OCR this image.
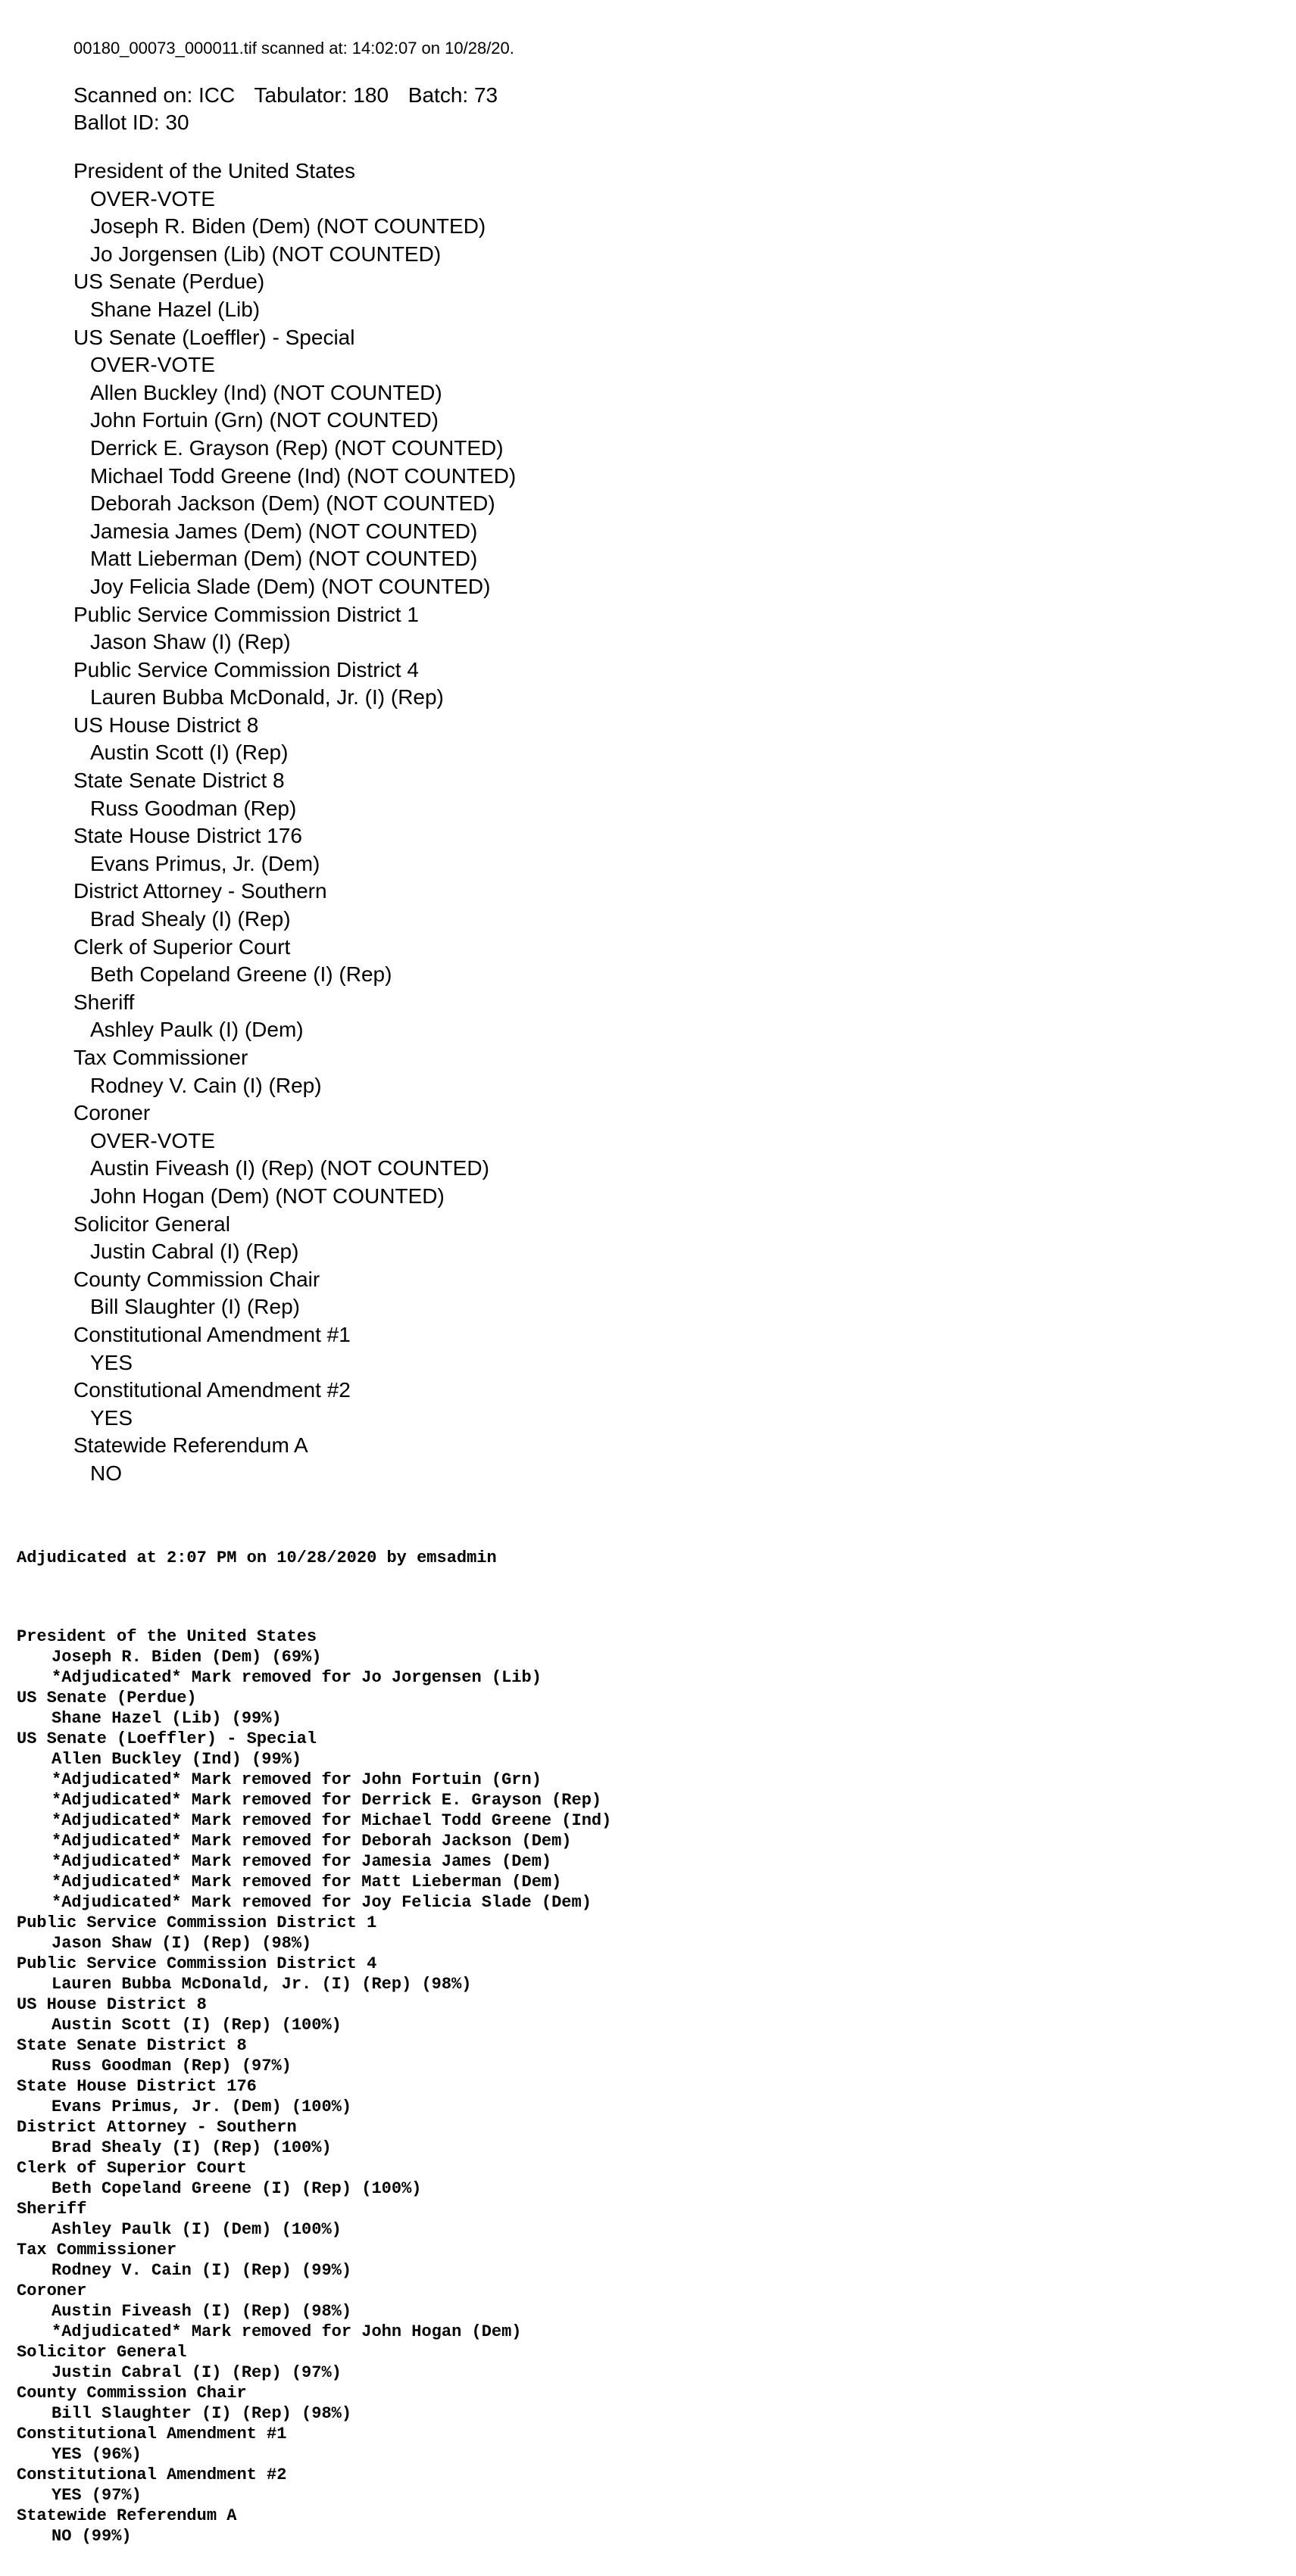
00180_00073_000011.tif scanned at: 14:02:07 on 10/28/20.
Scanned on: ICC Tabulator: 180 Batch: 73
Ballot ID: 30
President of the United States
OVER-VOTE
Joseph R. Biden (Dem) (NOT COUNTED)
Jo Jorgensen (Lib) (NOT COUNTED)
US Senate (Perdue)
Shane Hazel (Lib)
US Senate (Loeffler) - Special
OVER-VOTE
Allen Buckley (Ind) (NOT COUNTED)
John Fortuin (Grn) (NOT COUNTED)
Derrick E. Grayson (Rep) (NOT COUNTED)
Michael Todd Greene (Ind) (NOT COUNTED)
Deborah Jackson (Dem) (NOT COUNTED)
Jamesia James (Dem) (NOT COUNTED)
Matt Lieberman (Dem) (NOT COUNTED)
Joy Felicia Slade (Dem) (NOT COUNTED)
Public Service Commission District 1
Jason Shaw (I) (Rep)
Public Service Commission District 4
Lauren Bubba McDonald, Jr. (I) (Rep)
US House District 8
Austin Scott (I) (Rep)
State Senate District 8
Russ Goodman (Rep)
State House District 176
Evans Primus, Jr. (Dem)
District Attorney - Southern
Brad Shealy (I) (Rep)
Clerk of Superior Court
Beth Copeland Greene (I) (Rep)
Sheriff
Ashley Paulk (I) (Dem)
Tax Commissioner
Rodney V. Cain (I) (Rep)
Coroner
OVER-VOTE
Austin Fiveash (I) (Rep) (NOT COUNTED)
John Hogan (Dem) (NOT COUNTED)
Solicitor General
Justin Cabral (I) (Rep)
County Commission Chair
Bill Slaughter (I) (Rep)
Constitutional Amendment #1
YES
Constitutional Amendment #2
YES
Statewide Referendum A
NO

Adjudicated at 2:07 PM on 10/28/2020 by emsadmin

President of the United States
Joseph R. Biden (Dem) (69%)
*Adjudicated* Mark removed for Jo Jorgensen (Lib)
US Senate (Perdue)
Shane Hazel (Lib) (99%)
US Senate (Loeffler) - Special
Allen Buckley (Ind) (99%)
*Adjudicated* Mark removed for John Fortuin (Grn)
*Adjudicated* Mark removed for Derrick E. Grayson (Rep)
*Adjudicated* Mark removed for Michael Todd Greene (Ind)
*Adjudicated* Mark removed for Deborah Jackson (Dem)
*Adjudicated* Mark removed for Jamesia James (Dem)
*Adjudicated* Mark removed for Matt Lieberman (Dem)
*Adjudicated* Mark removed for Joy Felicia Slade (Dem)
Public Service Commission District 1
Jason Shaw (I) (Rep) (98%)
Public Service Commission District 4
Lauren Bubba McDonald, Jr. (I) (Rep) (98%)
US House District 8
Austin Scott (I) (Rep) (100%)
State Senate District 8
Russ Goodman (Rep) (97%)
State House District 176
Evans Primus, Jr. (Dem) (100%)
District Attorney - Southern
Brad Shealy (I) (Rep) (100%)
Clerk of Superior Court
Beth Copeland Greene (I) (Rep) (100%)
Sheriff
Ashley Paulk (I) (Dem) (100%)
Tax Commissioner
Rodney V. Cain (I) (Rep) (99%)
Coroner
Austin Fiveash (I) (Rep) (98%)
*Adjudicated* Mark removed for John Hogan (Dem)
Solicitor General
Justin Cabral (I) (Rep) (97%)
County Commission Chair
Bill Slaughter (I) (Rep) (98%)
Constitutional Amendment #1
YES (96%)
Constitutional Amendment #2
YES (97%)
Statewide Referendum A
NO (99%)
